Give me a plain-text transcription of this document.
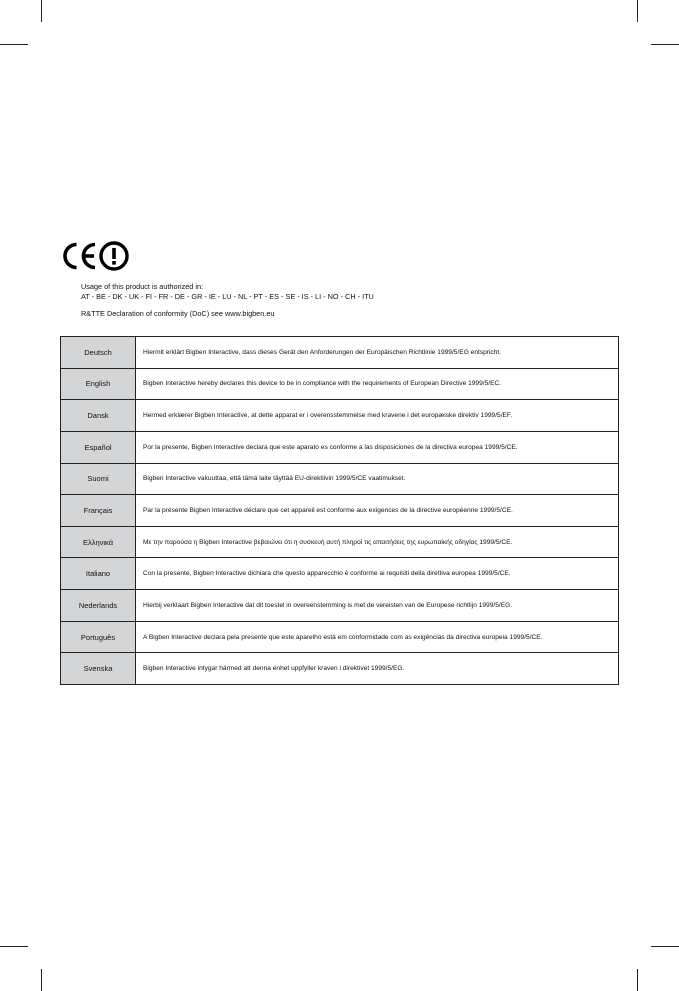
Usage of this product is authorized in:
AT - BE - DK - UK - FI - FR - DE - GR - IE - LU - NL - PT - ES - SE - IS - LI - NO - CH - ITU
R&TTE Declaration of conformity (DoC) see www.bigben.eu
Deutsch	Hiermit erklärt Bigben Interactive, dass dieses Gerät den Anforderungen der Europäischen Richtlinie 1999/5/EG entspricht.
English	Bigben Interactive hereby declares this device to be in compliance with the requirements of European Directive 1999/5/EC.
Dansk	Hermed erklærer Bigben Interactive, at dette apparat er i overensstemmelse med kravene i det europæiske direktiv 1999/5/EF.
Español	Por la presente, Bigben Interactive declara que este aparato es conforme a las disposiciones de la directiva europea 1999/5/CE.
Suomi	Bigben Interactive vakuuttaa, että tämä laite täyttää EU-direktiivin 1999/5/CE vaatimukset.
Français	Par la présente Bigben Interactive déclare que cet appareil est conforme aux exigences de la directive européenne 1999/5/CE.
Ελληνικά	Με την παρούσα η Bigben Interactive βεβαιώνει ότι η συσκευή αυτή πληροί τις απαιτήσεις της ευρωπαϊκής οδηγίας 1999/5/CE.
Italiano	Con la presente, Bigben Interactive dichiara che questo apparecchio è conforme ai requisiti della direttiva europea 1999/5/CE.
Nederlands	Hierbij verklaart Bigben Interactive dat dit toestel in overeenstemming is met de vereisten van de Europese richtlijn 1999/5/EG.
Português	A Bigben Interactive declara pela presente que este aparelho está em conformidade com as exigências da directiva europeia 1999/5/CE.
Svenska	Bigben Interactive intygar härmed att denna enhet uppfyller kraven i direktivet 1999/5/EG.
